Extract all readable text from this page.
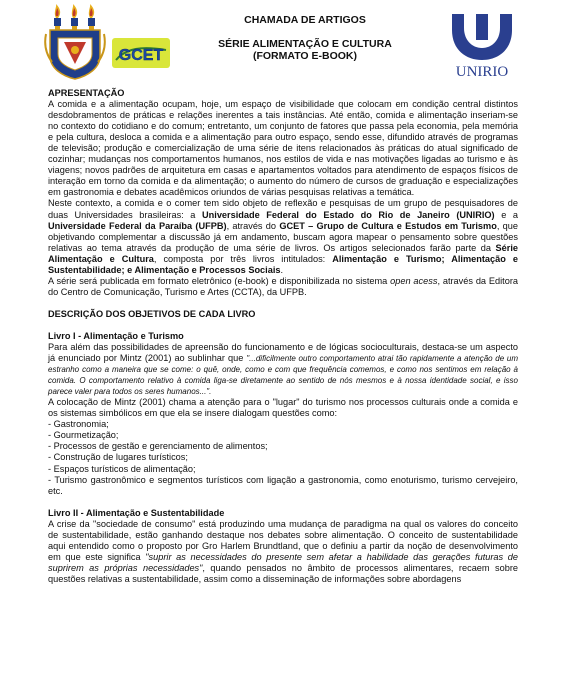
GCET
CHAMADA DE ARTIGOS
SÉRIE ALIMENTAÇÃO E CULTURA
(FORMATO E-BOOK)
UNIRIO

APRESENTAÇÃO

A comida e a alimentação ocupam, hoje, um espaço de visibilidade que colocam em condição central distintos desdobramentos de práticas e relações inerentes a tais instâncias. Até então, comida e alimentação inseriam-se no contexto do cotidiano e do comum; entretanto, um conjunto de fatores que passa pela economia, pela memória e pela cultura, desloca a comida e a alimentação para outro espaço, sendo esse, difundido através de programas de televisão; produção e comercialização de uma série de itens relacionados às práticas do atual significado de cozinhar; mudanças nos comportamentos humanos, nos estilos de vida e nas motivações ligadas ao turismo e às viagens; novos padrões de arquitetura em casas e apartamentos voltados para atendimento de espaços físicos de interação em torno da comida e da alimentação; o aumento do número de cursos de graduação e especializações em gastronomia e debates acadêmicos oriundos de várias pesquisas relativas a temática.

Neste contexto, a comida e o comer tem sido objeto de reflexão e pesquisas de um grupo de pesquisadores de duas Universidades brasileiras: a Universidade Federal do Estado do Rio de Janeiro (UNIRIO) e a Universidade Federal da Paraíba (UFPB), através do GCET – Grupo de Cultura e Estudos em Turismo, que objetivando complementar a discussão já em andamento, buscam agora mapear o pensamento sobre questões relativas ao tema através da produção de uma série de livros. Os artigos selecionados farão parte da Série Alimentação e Cultura, composta por três livros intitulados: Alimentação e Turismo; Alimentação e Sustentabilidade; e Alimentação e Processos Sociais.

A série será publicada em formato eletrônico (e-book) e disponibilizada no sistema open acess, através da Editora do Centro de Comunicação, Turismo e Artes (CCTA), da UFPB.

DESCRIÇÃO DOS OBJETIVOS DE CADA LIVRO

Livro I - Alimentação e Turismo

Para além das possibilidades de apreensão do funcionamento e de lógicas socioculturais, destaca-se um aspecto já enunciado por Mintz (2001) ao sublinhar que "...dificilmente outro comportamento atrai tão rapidamente a atenção de um estranho como a maneira que se come: o quê, onde, como e com que frequência comemos, e como nos sentimos em relação à comida. O comportamento relativo à comida liga-se diretamente ao sentido de nós mesmos e à nossa identidade social, e isso parece valer para todos os seres humanos...".

A colocação de Mintz (2001) chama a atenção para o "lugar" do turismo nos processos culturais onde a comida e os sistemas simbólicos em que ela se insere dialogam questões como:

- Gastronomia;
- Gourmetização;
- Processos de gestão e gerenciamento de alimentos;
- Construção de lugares turísticos;
- Espaços turísticos de alimentação;
- Turismo gastronômico e segmentos turísticos com ligação a gastronomia, como enoturismo, turismo cervejeiro, etc.

Livro II - Alimentação e Sustentabilidade

A crise da "sociedade de consumo" está produzindo uma mudança de paradigma na qual os valores do conceito de sustentabilidade, estão ganhando destaque nos debates sobre alimentação. O conceito de sustentabilidade aqui entendido como o proposto por Gro Harlem Brundtland, que o definiu a partir da noção de desenvolvimento em que este significa "suprir as necessidades do presente sem afetar a habilidade das gerações futuras de suprirem as próprias necessidades", quando pensados no âmbito de processos alimentares, recaem sobre questões relativas a sustentabilidade, assim como a disseminação de informações sobre abordagens
